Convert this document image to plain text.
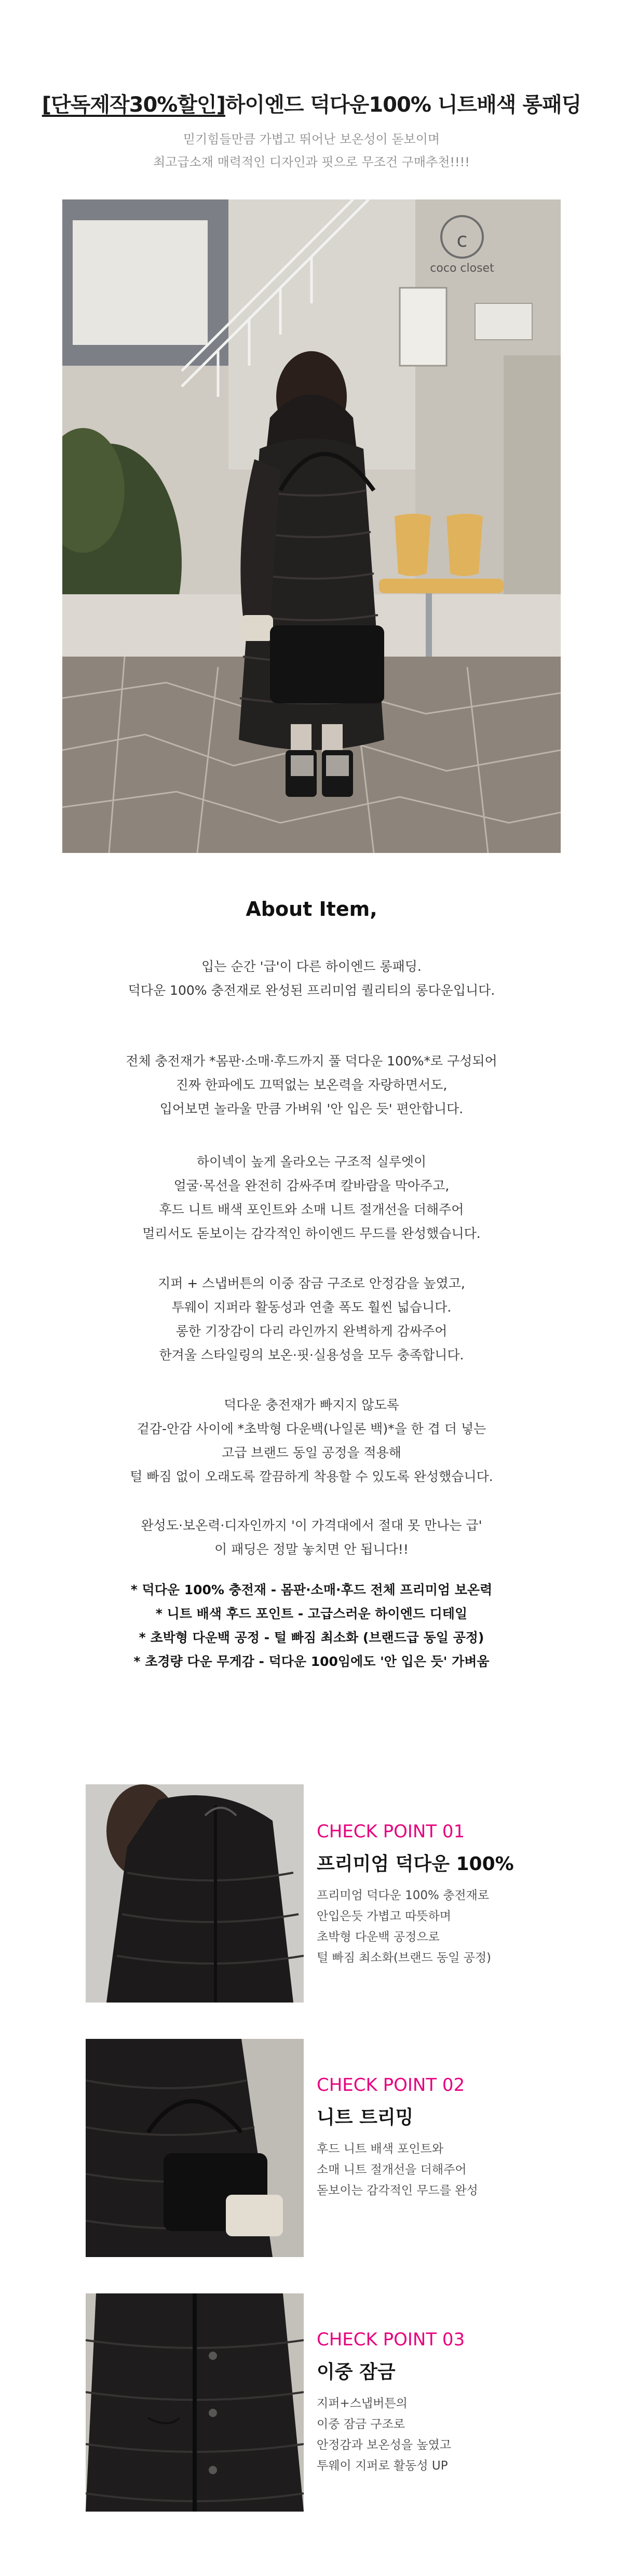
[단독제작30%할인]하이엔드 덕다운100% 니트배색 롱패딩
믿기힘들만큼 가볍고 뛰어난 보온성이 돋보이며
최고급소재 매력적인 디자인과 핏으로 무조건 구매추천!!!!
c
coco closet
About Item,
입는 순간 '급'이 다른 하이엔드 롱패딩.
덕다운 100% 충전재로 완성된 프리미엄 퀄리티의 롱다운입니다.
전체 충전재가 *몸판·소매·후드까지 풀 덕다운 100%*로 구성되어
진짜 한파에도 끄떡없는 보온력을 자랑하면서도,
입어보면 놀라울 만큼 가벼워 '안 입은 듯' 편안합니다.
하이넥이 높게 올라오는 구조적 실루엣이
얼굴·목선을 완전히 감싸주며 칼바람을 막아주고,
후드 니트 배색 포인트와 소매 니트 절개선을 더해주어
멀리서도 돋보이는 감각적인 하이엔드 무드를 완성했습니다.
지퍼 + 스냅버튼의 이중 잠금 구조로 안정감을 높였고,
투웨이 지퍼라 활동성과 연출 폭도 훨씬 넓습니다.
롱한 기장감이 다리 라인까지 완벽하게 감싸주어
한겨울 스타일링의 보온·핏·실용성을 모두 충족합니다.
덕다운 충전재가 빠지지 않도록
겉감-안감 사이에 *초박형 다운백(나일론 백)*을 한 겹 더 넣는
고급 브랜드 동일 공정을 적용해
털 빠짐 없이 오래도록 깔끔하게 착용할 수 있도록 완성했습니다.
완성도·보온력·디자인까지 '이 가격대에서 절대 못 만나는 급'
이 패딩은 정말 놓치면 안 됩니다!!
* 덕다운 100% 충전재 - 몸판·소매·후드 전체 프리미엄 보온력
* 니트 배색 후드 포인트 - 고급스러운 하이엔드 디테일
* 초박형 다운백 공정 - 털 빠짐 최소화 (브랜드급 동일 공정)
* 초경량 다운 무게감 - 덕다운 100임에도 '안 입은 듯' 가벼움
CHECK POINT 01
프리미엄 덕다운 100%
프리미엄 덕다운 100% 충전재로
안입은듯 가볍고 따뜻하며
초박형 다운백 공정으로
털 빠짐 최소화(브랜드 동일 공정)
CHECK POINT 02
니트 트리밍
후드 니트 배색 포인트와
소매 니트 절개선을 더해주어
돋보이는 감각적인 무드를 완성
CHECK POINT 03
이중 잠금
지퍼+스냅버튼의
이중 잠금 구조로
안정감과 보온성을 높였고
투웨이 지퍼로 활동성 UP
